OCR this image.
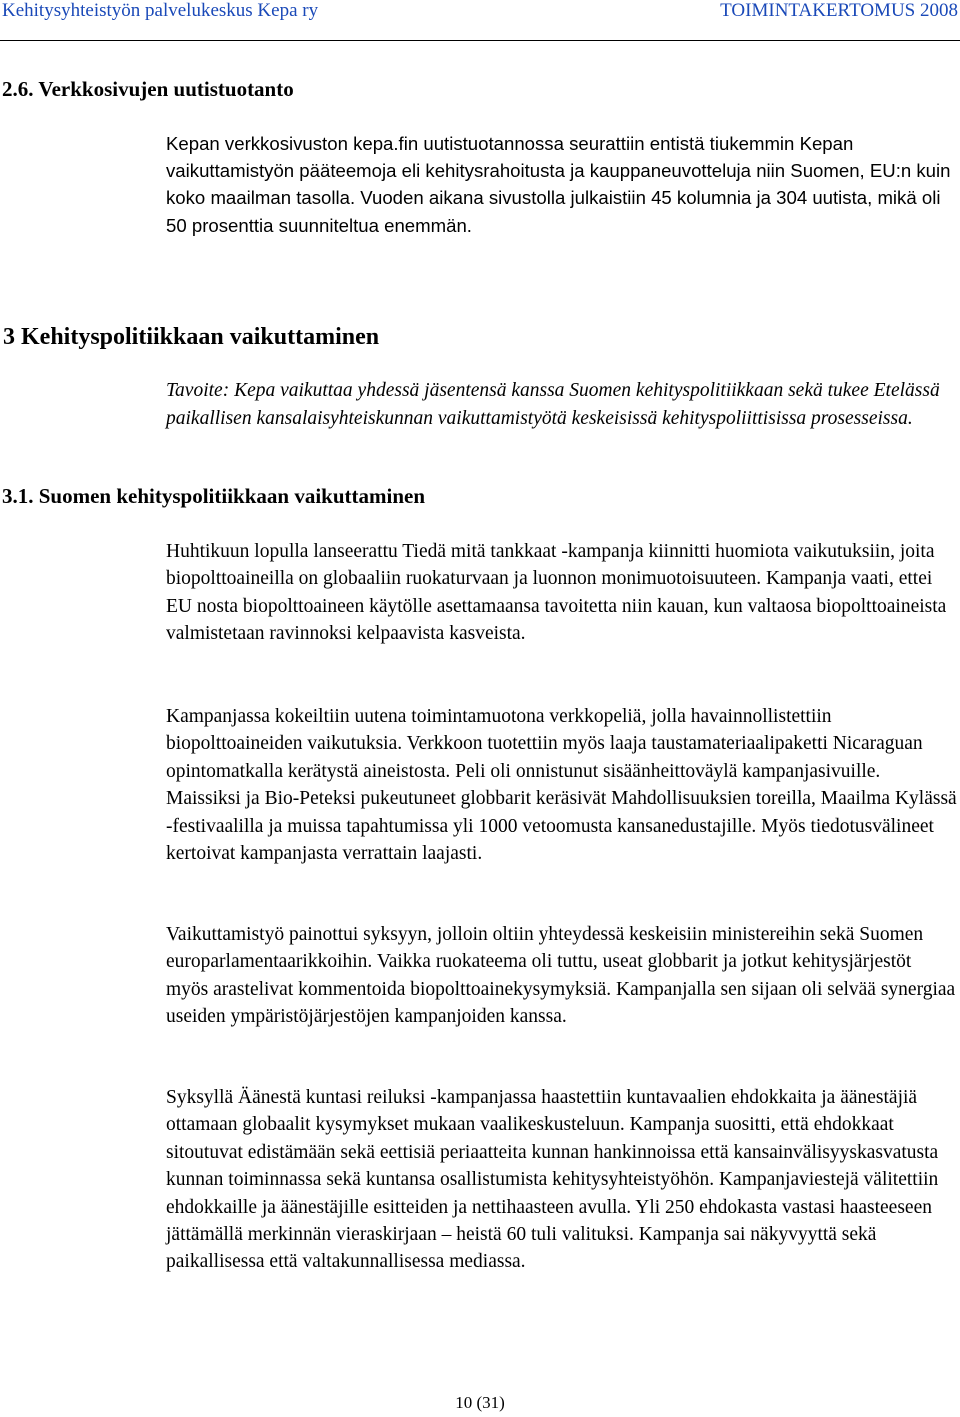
Kehitysyhteistyön palvelukeskus Kepa ry	TOIMINTAKERTOMUS 2008
2.6. Verkkosivujen uutistuotanto

Kepan verkkosivuston kepa.fin uutistuotannossa seurattiin entistä tiukemmin Kepan vaikuttamistyön pääteemoja eli kehitysrahoitusta ja kauppaneuvotteluja niin Suomen, EU:n kuin koko maailman tasolla. Vuoden aikana sivustolla julkaistiin 45 kolumnia ja 304 uutista, mikä oli 50 prosenttia suunniteltua enemmän.

3 Kehityspolitiikkaan vaikuttaminen

Tavoite: Kepa vaikuttaa yhdessä jäsentensä kanssa Suomen kehityspolitiikkaan sekä tukee Etelässä paikallisen kansalaisyhteiskunnan vaikuttamistyötä keskeisissä kehityspoliittisissa prosesseissa.

3.1. Suomen kehityspolitiikkaan vaikuttaminen

Huhtikuun lopulla lanseerattu Tiedä mitä tankkaat -kampanja kiinnitti huomiota vaikutuksiin, joita biopolttoaineilla on globaaliin ruokaturvaan ja luonnon monimuotoisuuteen. Kampanja vaati, ettei EU nosta biopolttoaineen käytölle asettamaansa tavoitetta niin kauan, kun valtaosa biopolttoaineista valmistetaan ravinnoksi kelpaavista kasveista.

Kampanjassa kokeiltiin uutena toimintamuotona verkkopeliä, jolla havainnollistettiin biopolttoaineiden vaikutuksia. Verkkoon tuotettiin myös laaja taustamateriaalipaketti Nicaraguan opintomatkalla kerätystä aineistosta. Peli oli onnistunut sisäänheittoväylä kampanjasivuille. Maissiksi ja Bio-Peteksi pukeutuneet globbarit keräsivät Mahdollisuuksien toreilla, Maailma Kylässä -festivaalilla ja muissa tapahtumissa yli 1000 vetoomusta kansanedustajille. Myös tiedotusvälineet kertoivat kampanjasta verrattain laajasti.

Vaikuttamistyö painottui syksyyn, jolloin oltiin yhteydessä keskeisiin ministereihin sekä Suomen europarlamentaarikkoihin. Vaikka ruokateema oli tuttu, useat globbarit ja jotkut kehitysjärjestöt myös arastelivat kommentoida biopolttoainekysymyksiä. Kampanjalla sen sijaan oli selvää synergiaa useiden ympäristöjärjestöjen kampanjoiden kanssa.

Syksyllä Äänestä kuntasi reiluksi -kampanjassa haastettiin kuntavaalien ehdokkaita ja äänestäjiä ottamaan globaalit kysymykset mukaan vaalikeskusteluun. Kampanja suositti, että ehdokkaat sitoutuvat edistämään sekä eettisiä periaatteita kunnan hankinnoissa että kansainvälisyyskasvatusta kunnan toiminnassa sekä kuntansa osallistumista kehitysyhteistyöhön. Kampanjaviestejä välitettiin ehdokkaille ja äänestäjille esitteiden ja nettihaasteen avulla. Yli 250 ehdokasta vastasi haasteeseen jättämällä merkinnän vieraskirjaan – heistä 60 tuli valituksi. Kampanja sai näkyvyyttä sekä paikallisessa että valtakunnallisessa mediassa.

10 (31)
